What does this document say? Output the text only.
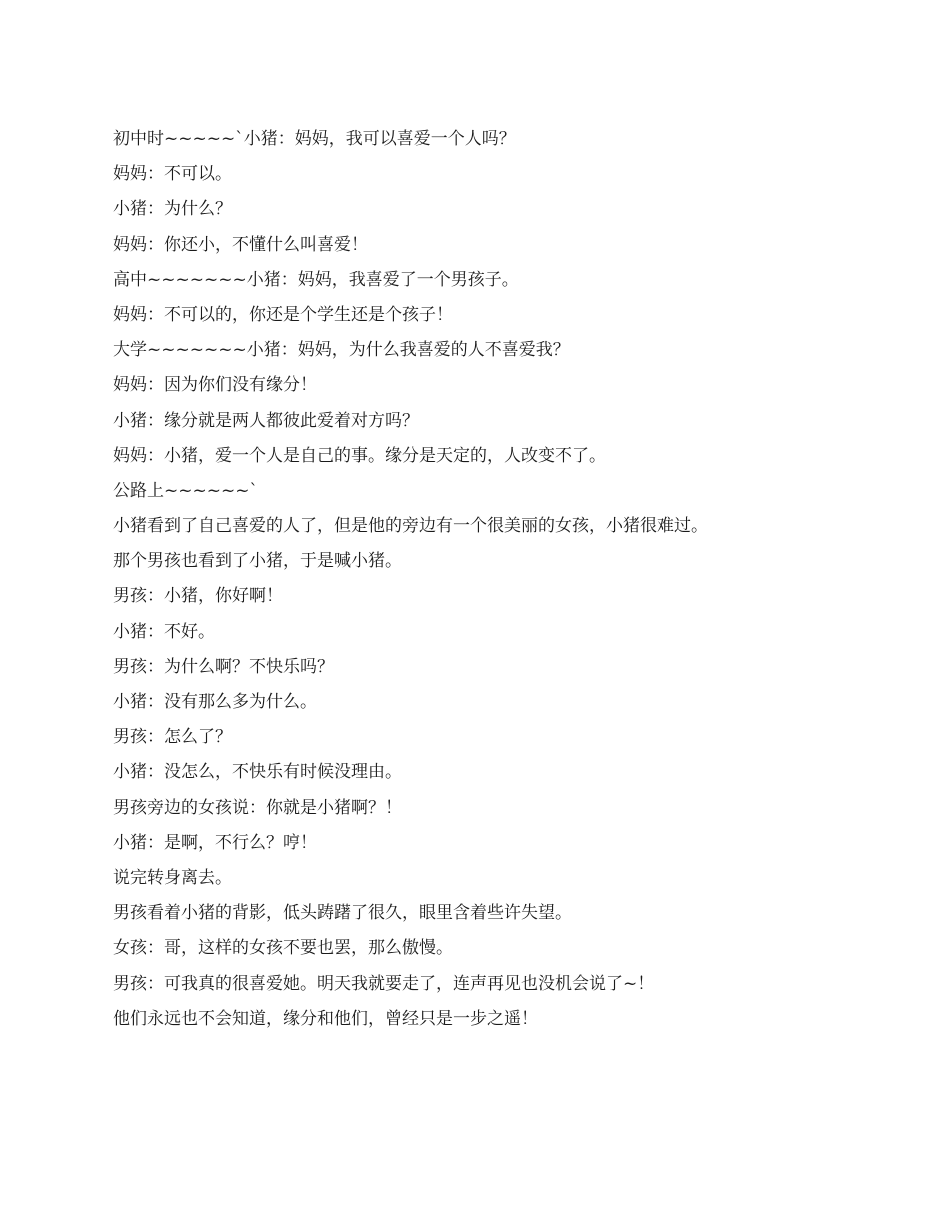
初中时~~~~~`小猪：妈妈，我可以喜爱一个人吗？

妈妈：不可以。

小猪：为什么？

妈妈：你还小，不懂什么叫喜爱！

高中~~~~~~~小猪：妈妈，我喜爱了一个男孩子。

妈妈：不可以的，你还是个学生还是个孩子！

大学~~~~~~~小猪：妈妈，为什么我喜爱的人不喜爱我？

妈妈：因为你们没有缘分！

小猪：缘分就是两人都彼此爱着对方吗？

妈妈：小猪，爱一个人是自己的事。缘分是天定的，人改变不了。

公路上~~~~~~`

小猪看到了自己喜爱的人了，但是他的旁边有一个很美丽的女孩，小猪很难过。

那个男孩也看到了小猪，于是喊小猪。

男孩：小猪，你好啊！

小猪：不好。

男孩：为什么啊？不快乐吗？

小猪：没有那么多为什么。

男孩：怎么了？

小猪：没怎么，不快乐有时候没理由。

男孩旁边的女孩说：你就是小猪啊？！

小猪：是啊，不行么？哼！

说完转身离去。

男孩看着小猪的背影，低头踌躇了很久，眼里含着些许失望。

女孩：哥，这样的女孩不要也罢，那么傲慢。

男孩：可我真的很喜爱她。明天我就要走了，连声再见也没机会说了~！

他们永远也不会知道，缘分和他们，曾经只是一步之遥！
